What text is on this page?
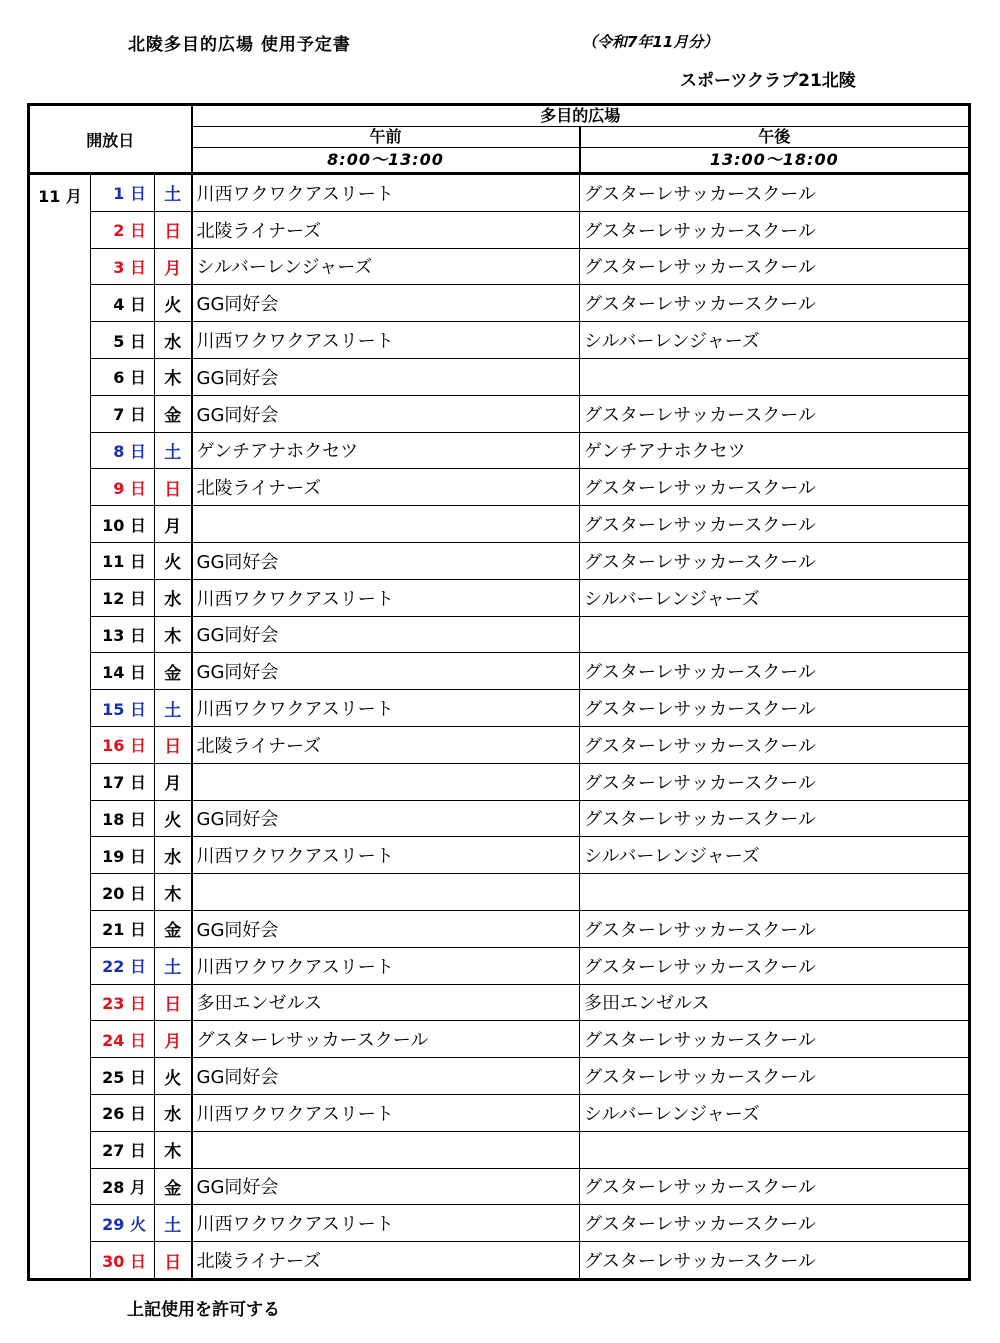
北陵多目的広場 使用予定書	（令和7年11月分）
スポーツクラブ21北陵
開放日			多目的広場	
			午前	午後
			8:00～13:00	13:00～18:00
11 月	1 日	土	川西ワクワクアスリート	グスターレサッカースクール
	2 日	日	北陵ライナーズ	グスターレサッカースクール
	3 日	月	シルバーレンジャーズ	グスターレサッカースクール
	4 日	火	GG同好会	グスターレサッカースクール
	5 日	水	川西ワクワクアスリート	シルバーレンジャーズ
	6 日	木	GG同好会	
	7 日	金	GG同好会	グスターレサッカースクール
	8 日	土	ゲンチアナホクセツ	ゲンチアナホクセツ
	9 日	日	北陵ライナーズ	グスターレサッカースクール
	10 日	月		グスターレサッカースクール
	11 日	火	GG同好会	グスターレサッカースクール
	12 日	水	川西ワクワクアスリート	シルバーレンジャーズ
	13 日	木	GG同好会	
	14 日	金	GG同好会	グスターレサッカースクール
	15 日	土	川西ワクワクアスリート	グスターレサッカースクール
	16 日	日	北陵ライナーズ	グスターレサッカースクール
	17 日	月		グスターレサッカースクール
	18 日	火	GG同好会	グスターレサッカースクール
	19 日	水	川西ワクワクアスリート	シルバーレンジャーズ
	20 日	木		
	21 日	金	GG同好会	グスターレサッカースクール
	22 日	土	川西ワクワクアスリート	グスターレサッカースクール
	23 日	日	多田エンゼルス	多田エンゼルス
	24 日	月	グスターレサッカースクール	グスターレサッカースクール
	25 日	火	GG同好会	グスターレサッカースクール
	26 日	水	川西ワクワクアスリート	シルバーレンジャーズ
	27 日	木		
	28 月	金	GG同好会	グスターレサッカースクール
	29 火	土	川西ワクワクアスリート	グスターレサッカースクール
	30 日	日	北陵ライナーズ	グスターレサッカースクール
上記使用を許可する
